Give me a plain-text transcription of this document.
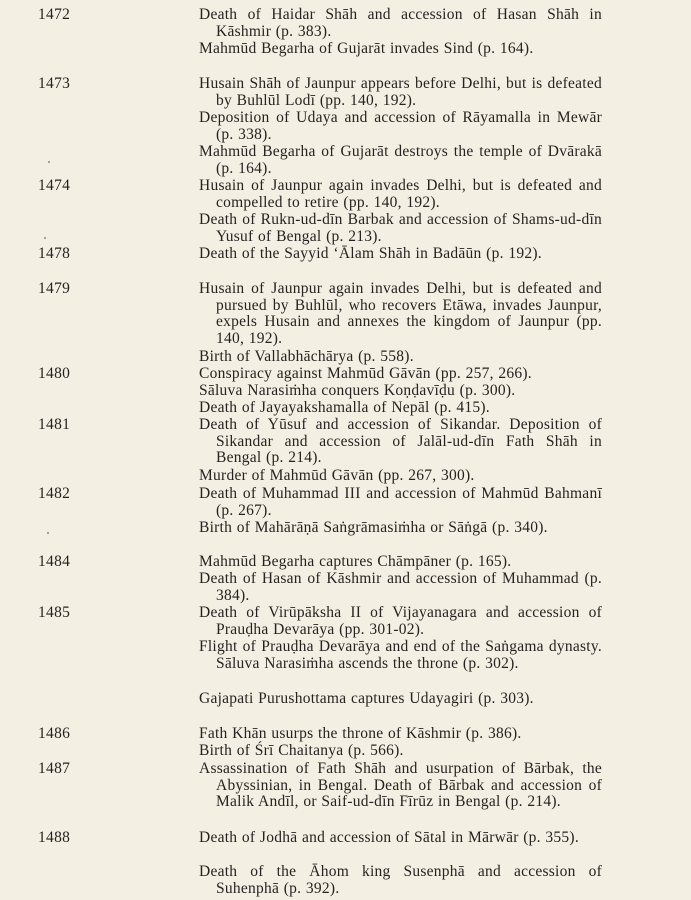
1472
1473
1474
1478
1479
1480
1481
1482
1484
1485
1486
1487
1488
Death of Haidar Shāh and accession of Hasan Shāh in Kāshmir (p. 383).
Mahmūd Begarha of Gujarāt invades Sind (p. 164).
Husain Shāh of Jaunpur appears before Delhi, but is defeated by Buhlūl Lodī (pp. 140, 192).
Deposition of Udaya and accession of Rāyamalla in Mewār (p. 338).
Mahmūd Begarha of Gujarāt destroys the temple of Dvārakā (p. 164).
Husain of Jaunpur again invades Delhi, but is defeated and compelled to retire (pp. 140, 192).
Death of Rukn-ud-dīn Barbak and accession of Shams-ud-dīn Yusuf of Bengal (p. 213).
Death of the Sayyid ‘Ālam Shāh in Badāūn (p. 192).
Husain of Jaunpur again invades Delhi, but is defeated and pursued by Buhlūl, who recovers Etāwa, invades Jaunpur, expels Husain and annexes the kingdom of Jaunpur (pp. 140, 192).
Birth of Vallabhāchārya (p. 558).
Conspiracy against Mahmūd Gāvān (pp. 257, 266).
Sāluva Narasiṁha conquers Koṇḍavīḍu (p. 300).
Death of Jayayakshamalla of Nepāl (p. 415).
Death of Yūsuf and accession of Sikandar. Deposition of Sikandar and accession of Jalāl-ud-dīn Fath Shāh in Bengal (p. 214).
Murder of Mahmūd Gāvān (pp. 267, 300).
Death of Muhammad III and accession of Mahmūd Bahmanī (p. 267).
Birth of Mahārāṇā Saṅgrāmasiṁha or Sāṅgā (p. 340).
Mahmūd Begarha captures Chāmpāner (p. 165).
Death of Hasan of Kāshmir and accession of Muhammad (p. 384).
Death of Virūpāksha II of Vijayanagara and accession of Prauḍha Devarāya (pp. 301-02).
Flight of Prauḍha Devarāya and end of the Saṅgama dynasty. Sāluva Narasiṁha ascends the throne (p. 302).
Gajapati Purushottama captures Udayagiri (p. 303).
Fath Khān usurps the throne of Kāshmir (p. 386).
Birth of Śrī Chaitanya (p. 566).
Assassination of Fath Shāh and usurpation of Bārbak, the Abyssinian, in Bengal. Death of Bārbak and accession of Malik Andīl, or Saif-ud-dīn Fīrūz in Bengal (p. 214).
Death of Jodhā and accession of Sātal in Mārwār (p. 355).
Death of the Āhom king Susenphā and accession of Suhenphā (p. 392).
